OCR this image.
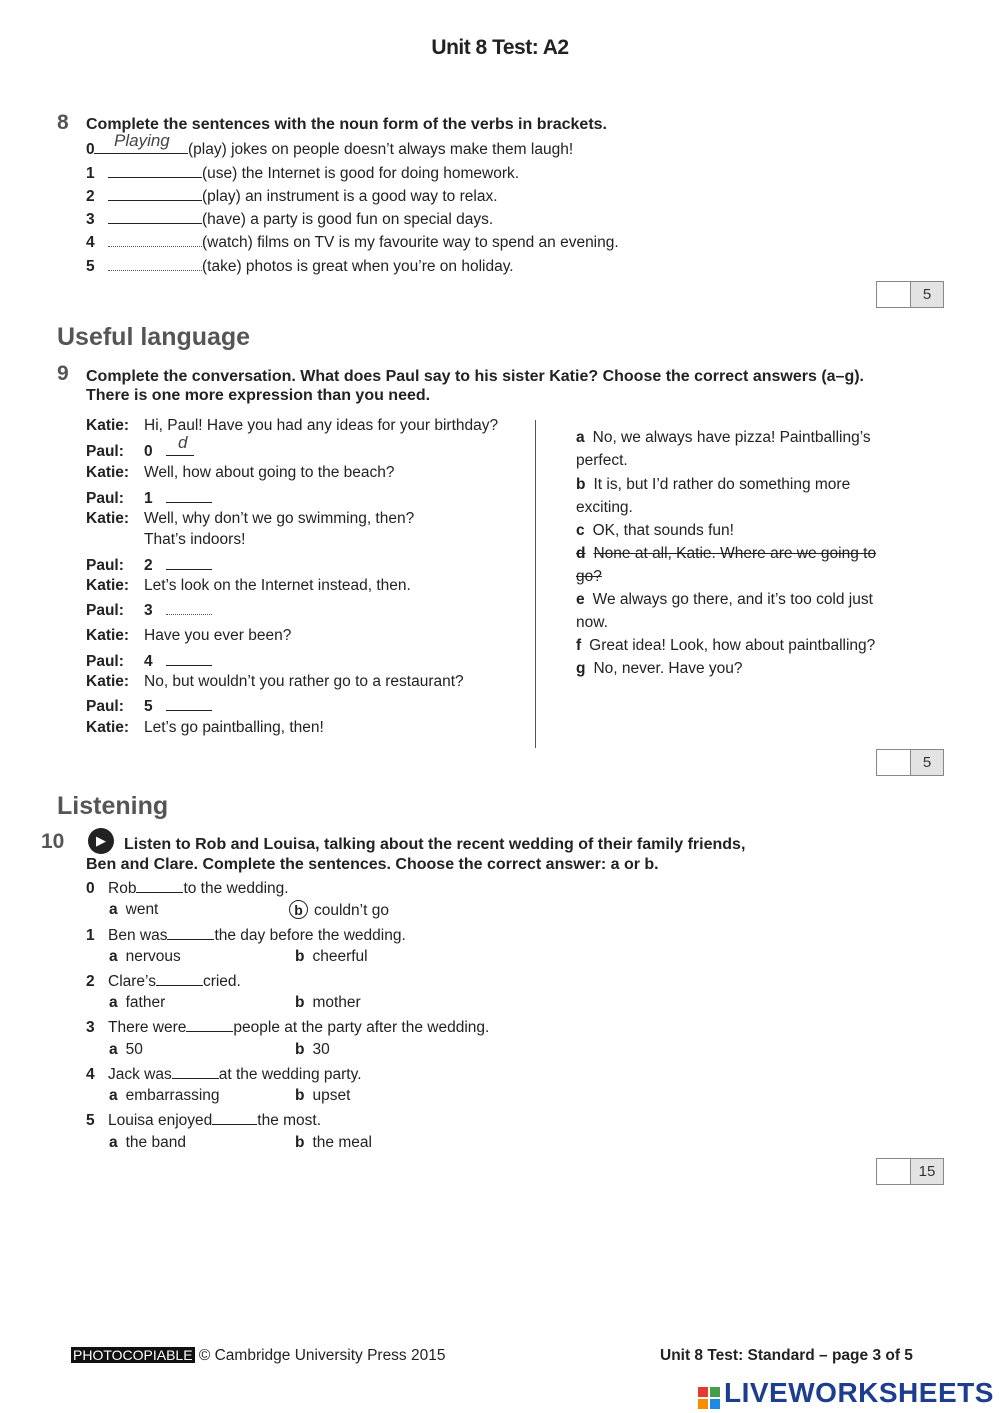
Unit 8 Test: A2
8 Complete the sentences with the noun form of the verbs in brackets.
0 Playing (play) jokes on people doesn’t always make them laugh!
1	(use) the Internet is good for doing homework.
2	(play) an instrument is a good way to relax.
3	(have) a party is good fun on special days.
4	(watch) films on TV is my favourite way to spend an evening.
5	(take) photos is great when you’re on holiday.
5
Useful language
9 Complete the conversation. What does Paul say to his sister Katie? Choose the correct answers (a–g).
There is one more expression than you need.
Katie: Hi, Paul! Have you had any ideas for your birthday?
Paul: 0 d
Katie: Well, how about going to the beach?
Paul: 1
Katie: Well, why don’t we go swimming, then?
That’s indoors!
Paul: 2
Katie: Let’s look on the Internet instead, then.
Paul: 3
Katie: Have you ever been?
Paul: 4
Katie: No, but wouldn’t you rather go to a restaurant?
Paul: 5
Katie: Let’s go paintballing, then!
a No, we always have pizza! Paintballing’s
perfect.
b It is, but I’d rather do something more
exciting.
c OK, that sounds fun!
d None at all, Katie. Where are we going to
go?
e We always go there, and it’s too cold just
now.
f Great idea! Look, how about paintballing?
g No, never. Have you?
5
Listening
10	▶	Listen to Rob and Louisa, talking about the recent wedding of their family friends,
Ben and Clare. Complete the sentences. Choose the correct answer: a or b.
0 Rob	to the wedding.
a went	b couldn’t go
1 Ben was	the day before the wedding.
a nervous	b cheerful
2 Clare’s	cried.
a father	b mother
3 There were	people at the party after the wedding.
a 50	b 30
4 Jack was	at the wedding party.
a embarrassing	b upset
5 Louisa enjoyed	the most.
a the band	b the meal
15
PHOTOCOPIABLE © Cambridge University Press 2015	Unit 8 Test: Standard – page 3 of 5
LIVEWORKSHEETS
